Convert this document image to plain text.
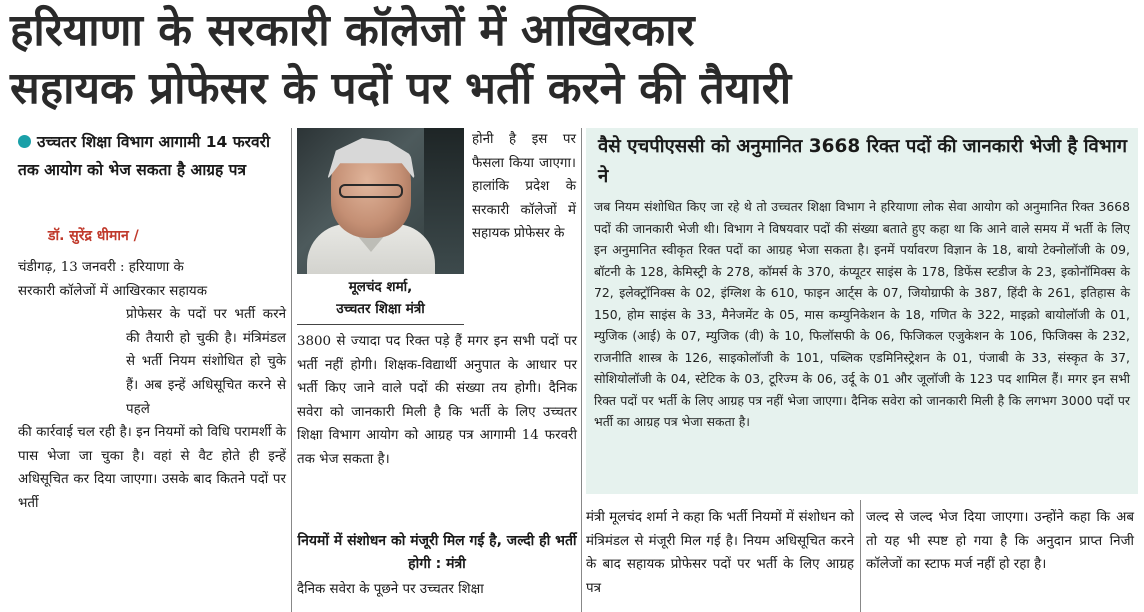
हरियाणा के सरकारी कॉलेजों में आखिरकार
सहायक प्रोफेसर के पदों पर भर्ती करने की तैयारी
उच्चतर शिक्षा विभाग आगामी 14 फरवरी तक आयोग को भेज सकता है आग्रह पत्र
डॉ. सुरेंद्र धीमान /
चंडीगढ़, 13 जनवरी : हरियाणा के
सरकारी कॉलेजों में आखिरकार सहायक
प्रोफेसर के पदों पर भर्ती करने की तैयारी हो चुकी है। मंत्रिमंडल से भर्ती नियम संशोधित हो चुके हैं। अब इन्हें अधिसूचित करने से पहले
की कार्रवाई चल रही है। इन नियमों को विधि परामर्शी के पास भेजा जा चुका है। वहां से वैट होते ही इन्हें अधिसूचित कर दिया जाएगा। उसके बाद कितने पदों पर भर्ती
मूलचंद शर्मा,
उच्चतर शिक्षा मंत्री
होनी है इस पर फैसला किया जाएगा। हालांकि प्रदेश के सरकारी कॉलेजों में सहायक प्रोफेसर के
3800 से ज्यादा पद रिक्त पड़े हैं मगर इन सभी पदों पर भर्ती नहीं होगी। शिक्षक-विद्यार्थी अनुपात के आधार पर भर्ती किए जाने वाले पदों की संख्या तय होगी। दैनिक सवेरा को जानकारी मिली है कि भर्ती के लिए उच्चतर शिक्षा विभाग आयोग को आग्रह पत्र आगामी 14 फरवरी तक भेज सकता है।
नियमों में संशोधन को मंजूरी मिल गई है, जल्दी ही भर्ती होगी : मंत्री
दैनिक सवेरा के पूछने पर उच्चतर शिक्षा
वैसे एचपीएससी को अनुमानित 3668 रिक्त पदों की जानकारी भेजी है विभाग ने
जब नियम संशोधित किए जा रहे थे तो उच्चतर शिक्षा विभाग ने हरियाणा लोक सेवा आयोग को अनुमानित रिक्त 3668 पदों की जानकारी भेजी थी। विभाग ने विषयवार पदों की संख्या बताते हुए कहा था कि आने वाले समय में भर्ती के लिए इन अनुमानित स्वीकृत रिक्त पदों का आग्रह भेजा सकता है। इनमें पर्यावरण विज्ञान के 18, बायो टेक्नोलॉजी के 09, बॉटनी के 128, केमिस्ट्री के 278, कॉमर्स के 370, कंप्यूटर साइंस के 178, डिफेंस स्टडीज के 23, इकोनॉमिक्स के 72, इलेक्ट्रॉनिक्स के 02, इंग्लिश के 610, फाइन आर्ट्स के 07, जियोग्राफी के 387, हिंदी के 261, इतिहास के 150, होम साइंस के 33, मैनेजमेंट के 05, मास कम्युनिकेशन के 18, गणित के 322, माइक्रो बायोलॉजी के 01, म्युजिक (आई) के 07, म्युजिक (वी) के 10, फिलॉसफी के 06, फिजिकल एजुकेशन के 106, फिजिक्स के 232, राजनीति शास्त्र के 126, साइकोलॉजी के 101, पब्लिक एडमिनिस्ट्रेशन के 01, पंजाबी के 33, संस्कृत के 37, सोशियोलॉजी के 04, स्टेटिक के 03, टूरिज्म के 06, उर्दू के 01 और जूलॉजी के 123 पद शामिल हैं। मगर इन सभी रिक्त पदों पर भर्ती के लिए आग्रह पत्र नहीं भेजा जाएगा। दैनिक सवेरा को जानकारी मिली है कि लगभग 3000 पदों पर भर्ती का आग्रह पत्र भेजा सकता है।
मंत्री मूलचंद शर्मा ने कहा कि भर्ती नियमों में संशोधन को मंत्रिमंडल से मंजूरी मिल गई है। नियम अधिसूचित करने के बाद सहायक प्रोफेसर पदों पर भर्ती के लिए आग्रह पत्र
जल्द से जल्द भेज दिया जाएगा। उन्होंने कहा कि अब तो यह भी स्पष्ट हो गया है कि अनुदान प्राप्त निजी कॉलेजों का स्टाफ मर्ज नहीं हो रहा है।
